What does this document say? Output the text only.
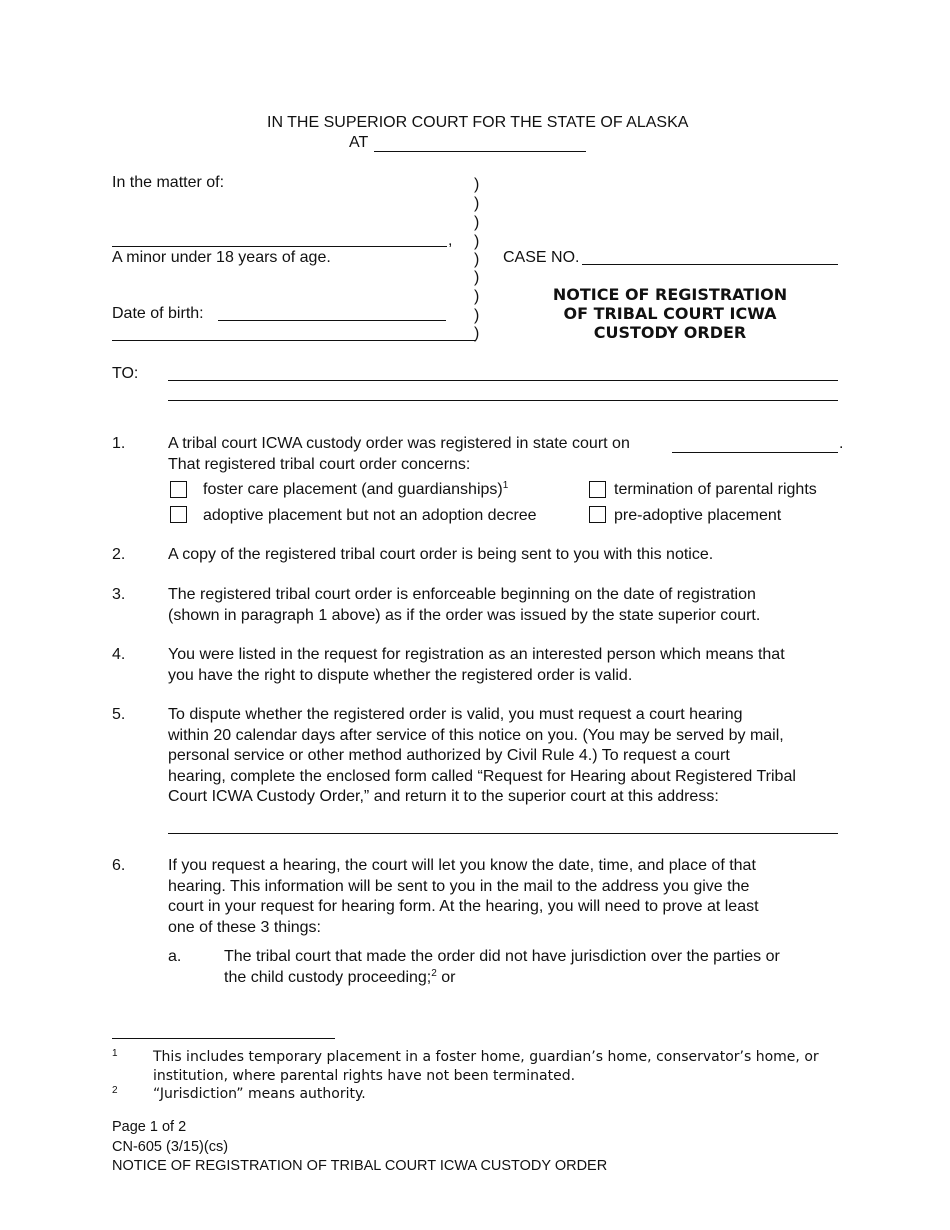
IN THE SUPERIOR COURT FOR THE STATE OF ALASKA
AT
In the matter of:
,
A minor under 18 years of age.
Date of birth:
)
)
)
)
)
)
)
)
)
CASE NO.
NOTICE OF REGISTRATION
OF TRIBAL COURT ICWA
CUSTODY ORDER
TO:
1.	A tribal court ICWA custody order was registered in state court on	.
That registered tribal court order concerns:
foster care placement (and guardianships)$^1$	termination of parental rights
adoptive placement but not an adoption decree	pre-adoptive placement
2.	A copy of the registered tribal court order is being sent to you with this notice.
3.	The registered tribal court order is enforceable beginning on the date of registration
(shown in paragraph 1 above) as if the order was issued by the state superior court.
4.	You were listed in the request for registration as an interested person which means that
you have the right to dispute whether the registered order is valid.
5.	To dispute whether the registered order is valid, you must request a court hearing
within 20 calendar days after service of this notice on you. (You may be served by mail,
personal service or other method authorized by Civil Rule 4.) To request a court
hearing, complete the enclosed form called “Request for Hearing about Registered Tribal
Court ICWA Custody Order,” and return it to the superior court at this address:
6.	If you request a hearing, the court will let you know the date, time, and place of that
hearing. This information will be sent to you in the mail to the address you give the
court in your request for hearing form. At the hearing, you will need to prove at least
one of these 3 things:
a.	The tribal court that made the order did not have jurisdiction over the parties or
the child custody proceeding;$^2$ or
1	This includes temporary placement in a foster home, guardian’s home, conservator’s home, or
institution, where parental rights have not been terminated.
2	“Jurisdiction” means authority.
Page 1 of 2
CN-605 (3/15)(cs)
NOTICE OF REGISTRATION OF TRIBAL COURT ICWA CUSTODY ORDER
